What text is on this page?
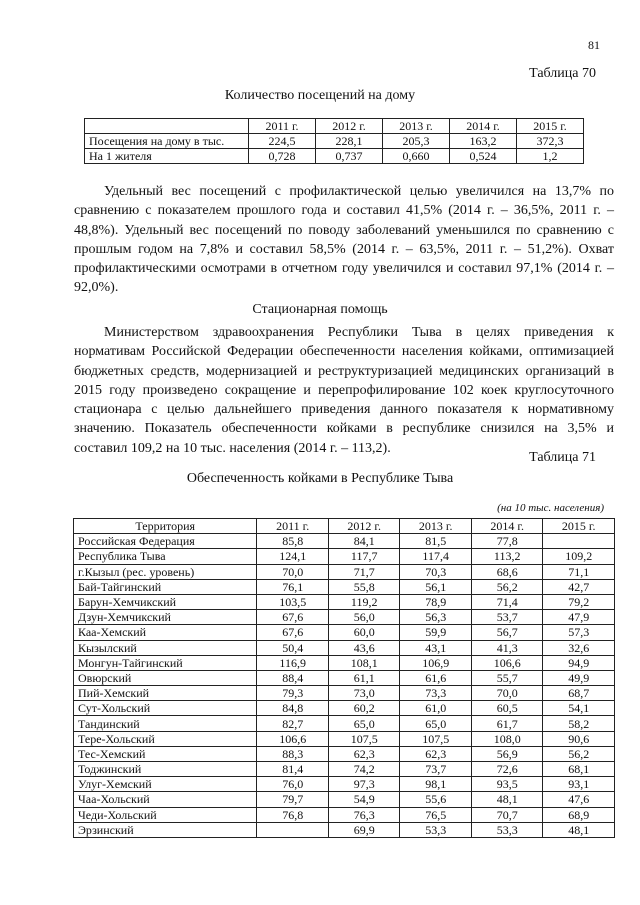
81
Таблица 70
Количество посещений на дому
	2011 г.	2012 г.	2013 г.	2014 г.	2015 г.
Посещения на дому в тыс.	224,5	228,1	205,3	163,2	372,3
На 1 жителя	0,728	0,737	0,660	0,524	1,2

Удельный вес посещений с профилактической целью увеличился на 13,7% по сравнению с показателем прошлого года и составил 41,5% (2014 г. – 36,5%, 2011 г. – 48,8%). Удельный вес посещений по поводу заболеваний уменьшился по сравнению с прошлым годом на 7,8% и составил 58,5% (2014 г. – 63,5%, 2011 г. – 51,2%). Охват профилактическими осмотрами в отчетном году увеличился и составил 97,1% (2014 г. – 92,0%).

Стационарная помощь

Министерством здравоохранения Республики Тыва в целях приведения к нормативам Российской Федерации обеспеченности населения койками, оптимизацией бюджетных средств, модернизацией и реструктуризацией медицинских организаций в 2015 году произведено сокращение и перепрофилирование 102 коек круглосуточного стационара с целью дальнейшего приведения данного показателя к нормативному значению. Показатель обеспеченности койками в республике снизился на 3,5% и составил 109,2 на 10 тыс. населения (2014 г. – 113,2).

Таблица 71
Обеспеченность койками в Республике Тыва
(на 10 тыс. населения)
Территория	2011 г.	2012 г.	2013 г.	2014 г.	2015 г.
Российская Федерация	85,8	84,1	81,5	77,8	
Республика Тыва	124,1	117,7	117,4	113,2	109,2
г.Кызыл (рес. уровень)	70,0	71,7	70,3	68,6	71,1
Бай-Тайгинский	76,1	55,8	56,1	56,2	42,7
Барун-Хемчикский	103,5	119,2	78,9	71,4	79,2
Дзун-Хемчикский	67,6	56,0	56,3	53,7	47,9
Каа-Хемский	67,6	60,0	59,9	56,7	57,3
Кызылский	50,4	43,6	43,1	41,3	32,6
Монгун-Тайгинский	116,9	108,1	106,9	106,6	94,9
Овюрский	88,4	61,1	61,6	55,7	49,9
Пий-Хемский	79,3	73,0	73,3	70,0	68,7
Сут-Хольский	84,8	60,2	61,0	60,5	54,1
Тандинский	82,7	65,0	65,0	61,7	58,2
Тере-Хольский	106,6	107,5	107,5	108,0	90,6
Тес-Хемский	88,3	62,3	62,3	56,9	56,2
Тоджинский	81,4	74,2	73,7	72,6	68,1
Улуг-Хемский	76,0	97,3	98,1	93,5	93,1
Чаа-Хольский	79,7	54,9	55,6	48,1	47,6
Чеди-Хольский	76,8	76,3	76,5	70,7	68,9
Эрзинский		69,9	53,3	53,3	48,1
